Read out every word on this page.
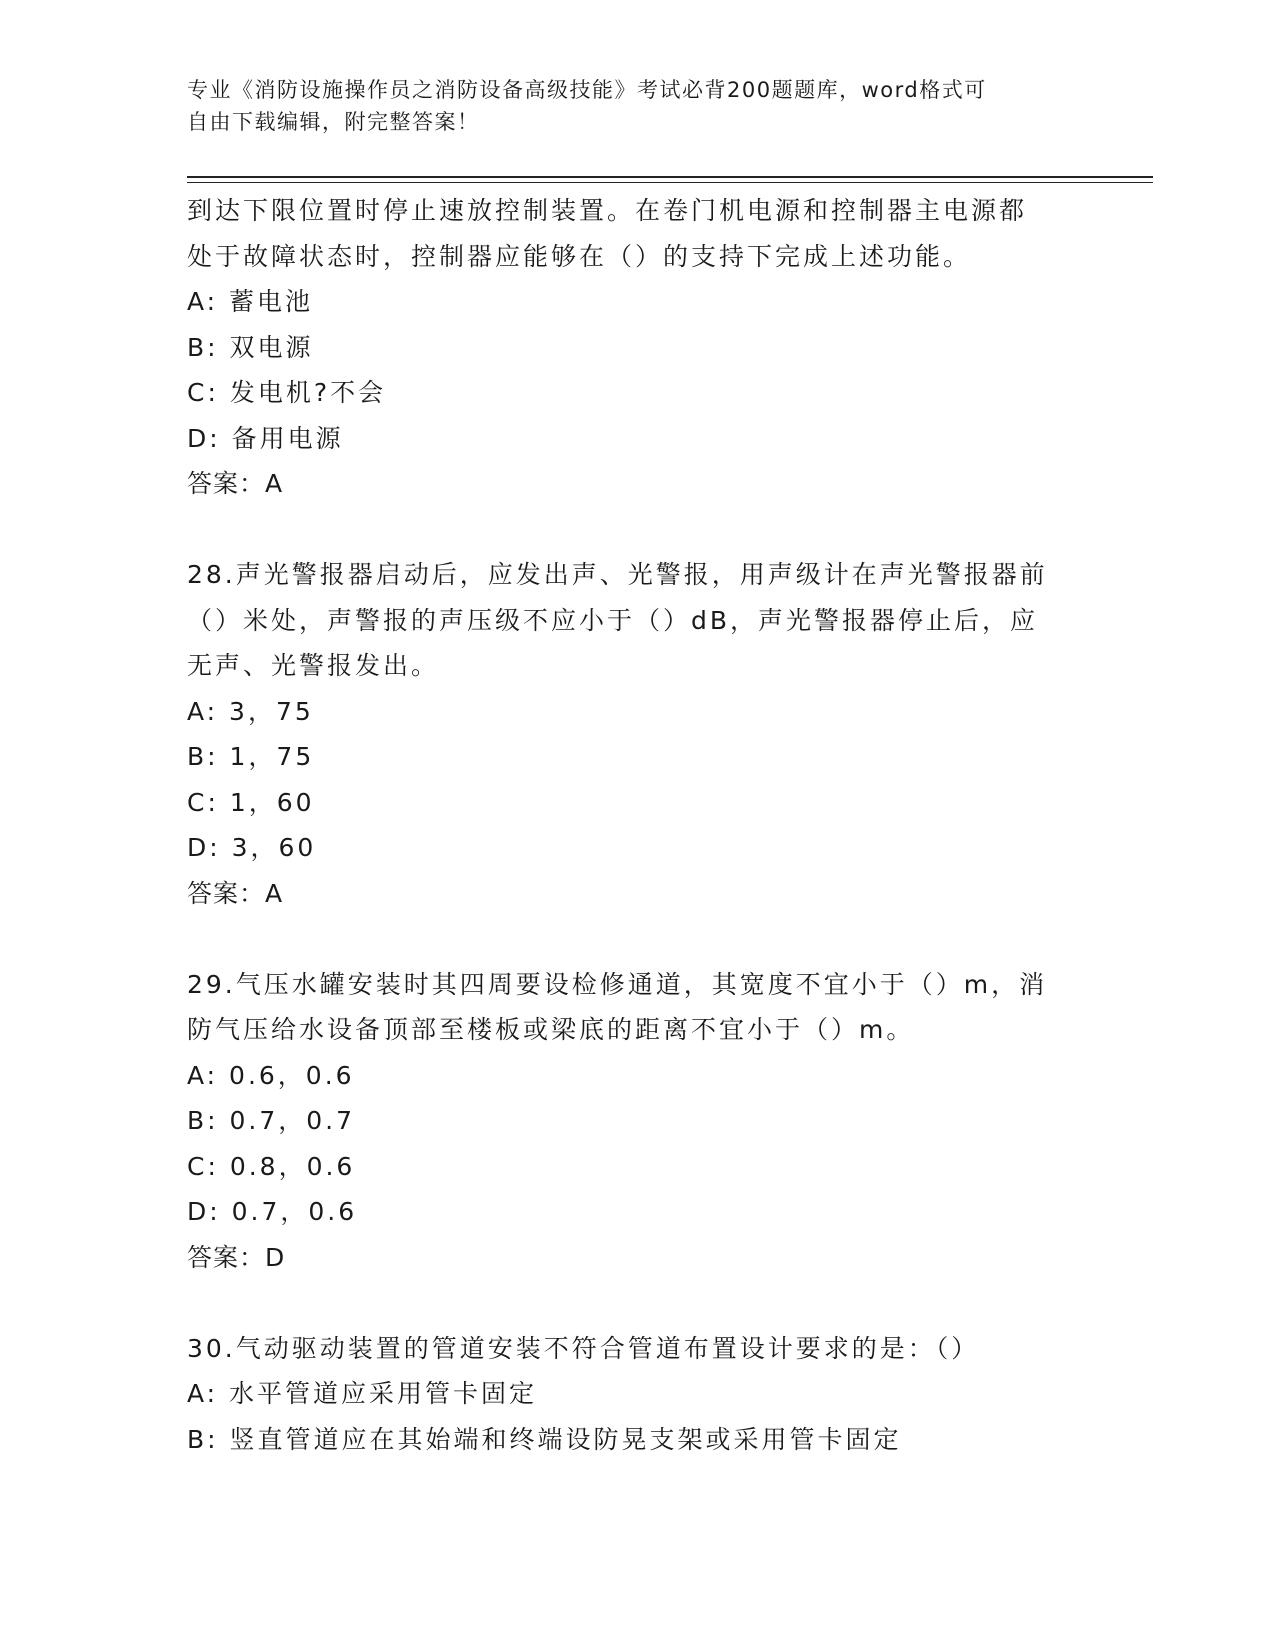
专业《消防设施操作员之消防设备高级技能》考试必背200题题库，word格式可
自由下载编辑，附完整答案！
到达下限位置时停止速放控制装置。在卷门机电源和控制器主电源都
处于故障状态时，控制器应能够在（）的支持下完成上述功能。
A: 蓄电池
B: 双电源
C: 发电机?不会
D: 备用电源
答案：A
28.声光警报器启动后，应发出声、光警报，用声级计在声光警报器前
（）米处，声警报的声压级不应小于（）dB，声光警报器停止后，应
无声、光警报发出。
A: 3，75
B: 1，75
C: 1，60
D: 3，60
答案：A
29.气压水罐安装时其四周要设检修通道，其宽度不宜小于（）m，消
防气压给水设备顶部至楼板或梁底的距离不宜小于（）m。
A: 0.6，0.6
B: 0.7，0.7
C: 0.8，0.6
D: 0.7，0.6
答案：D
30.气动驱动装置的管道安装不符合管道布置设计要求的是：（）
A: 水平管道应采用管卡固定
B: 竖直管道应在其始端和终端设防晃支架或采用管卡固定
